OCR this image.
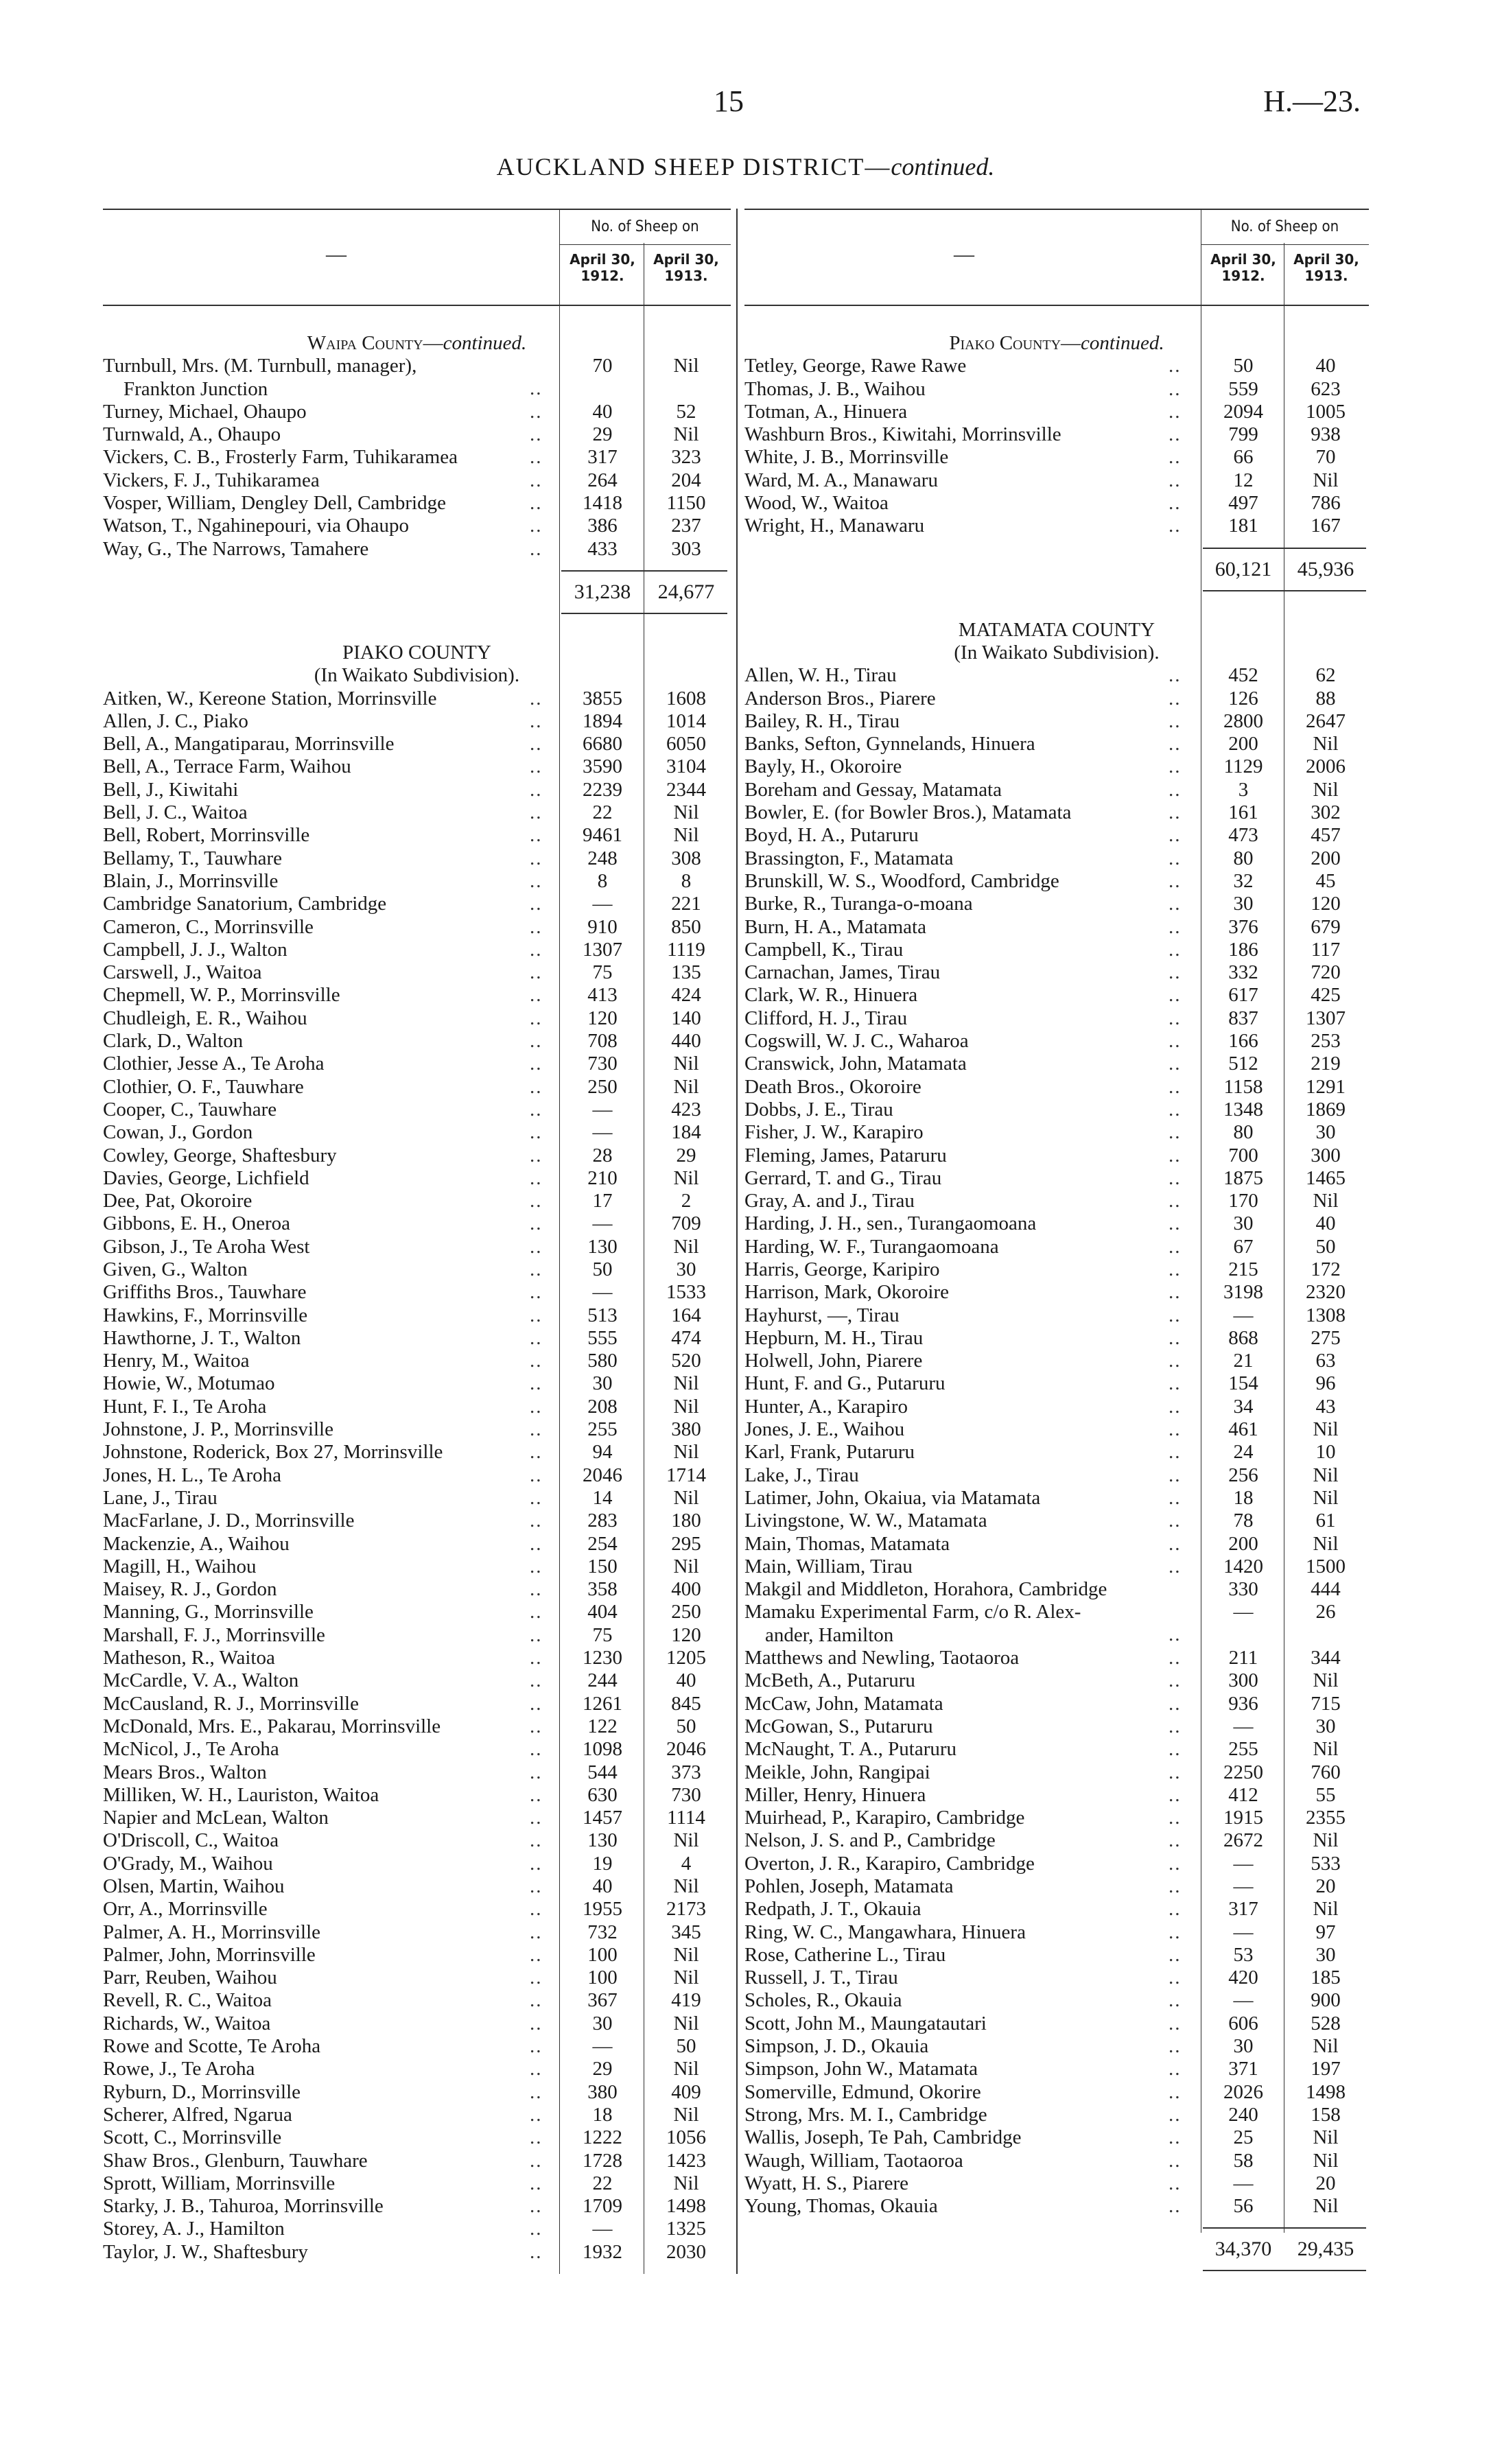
15	H.—23.
AUCKLAND SHEEP DISTRICT—continued.
—
No. of Sheep on
April 30,
1912.
April 30,
1913.
Waipa County—continued.
Turnbull, Mrs. (M. Turnbull, manager),
Frankton Junction	..
70	Nil
Turney, Michael, Ohaupo	..	40	52
Turnwald, A., Ohaupo	..	29	Nil
Vickers, C. B., Frosterly Farm, Tuhikaramea	..	317	323
Vickers, F. J., Tuhikaramea	..	264	204
Vosper, William, Dengley Dell, Cambridge	..	1418	1150
Watson, T., Ngahinepouri, via Ohaupo	..	386	237
Way, G., The Narrows, Tamahere	..	433	303
31,238	24,677
PIAKO COUNTY
(In Waikato Subdivision).
Aitken, W., Kereone Station, Morrinsville	..	3855	1608
Allen, J. C., Piako	..	1894	1014
Bell, A., Mangatiparau, Morrinsville	..	6680	6050
Bell, A., Terrace Farm, Waihou	..	3590	3104
Bell, J., Kiwitahi	..	2239	2344
Bell, J. C., Waitoa	..	22	Nil
Bell, Robert, Morrinsville	..	9461	Nil
Bellamy, T., Tauwhare	..	248	308
Blain, J., Morrinsville	..	8	8
Cambridge Sanatorium, Cambridge	..	—	221
Cameron, C., Morrinsville	..	910	850
Campbell, J. J., Walton	..	1307	1119
Carswell, J., Waitoa	..	75	135
Chepmell, W. P., Morrinsville	..	413	424
Chudleigh, E. R., Waihou	..	120	140
Clark, D., Walton	..	708	440
Clothier, Jesse A., Te Aroha	..	730	Nil
Clothier, O. F., Tauwhare	..	250	Nil
Cooper, C., Tauwhare	..	—	423
Cowan, J., Gordon	..	—	184
Cowley, George, Shaftesbury	..	28	29
Davies, George, Lichfield	..	210	Nil
Dee, Pat, Okoroire	..	17	2
Gibbons, E. H., Oneroa	..	—	709
Gibson, J., Te Aroha West	..	130	Nil
Given, G., Walton	..	50	30
Griffiths Bros., Tauwhare	..	—	1533
Hawkins, F., Morrinsville	..	513	164
Hawthorne, J. T., Walton	..	555	474
Henry, M., Waitoa	..	580	520
Howie, W., Motumao	..	30	Nil
Hunt, F. I., Te Aroha	..	208	Nil
Johnstone, J. P., Morrinsville	..	255	380
Johnstone, Roderick, Box 27, Morrinsville	..	94	Nil
Jones, H. L., Te Aroha	..	2046	1714
Lane, J., Tirau	..	14	Nil
MacFarlane, J. D., Morrinsville	..	283	180
Mackenzie, A., Waihou	..	254	295
Magill, H., Waihou	..	150	Nil
Maisey, R. J., Gordon	..	358	400
Manning, G., Morrinsville	..	404	250
Marshall, F. J., Morrinsville	..	75	120
Matheson, R., Waitoa	..	1230	1205
McCardle, V. A., Walton	..	244	40
McCausland, R. J., Morrinsville	..	1261	845
McDonald, Mrs. E., Pakarau, Morrinsville	..	122	50
McNicol, J., Te Aroha	..	1098	2046
Mears Bros., Walton	..	544	373
Milliken, W. H., Lauriston, Waitoa	..	630	730
Napier and McLean, Walton	..	1457	1114
O'Driscoll, C., Waitoa	..	130	Nil
O'Grady, M., Waihou	..	19	4
Olsen, Martin, Waihou	..	40	Nil
Orr, A., Morrinsville	..	1955	2173
Palmer, A. H., Morrinsville	..	732	345
Palmer, John, Morrinsville	..	100	Nil
Parr, Reuben, Waihou	..	100	Nil
Revell, R. C., Waitoa	..	367	419
Richards, W., Waitoa	..	30	Nil
Rowe and Scotte, Te Aroha	..	—	50
Rowe, J., Te Aroha	..	29	Nil
Ryburn, D., Morrinsville	..	380	409
Scherer, Alfred, Ngarua	..	18	Nil
Scott, C., Morrinsville	..	1222	1056
Shaw Bros., Glenburn, Tauwhare	..	1728	1423
Sprott, William, Morrinsville	..	22	Nil
Starky, J. B., Tahuroa, Morrinsville	..	1709	1498
Storey, A. J., Hamilton	..	—	1325
Taylor, J. W., Shaftesbury	..	1932	2030
—
No. of Sheep on
April 30,
1912.
April 30,
1913.
Piako County—continued.
Tetley, George, Rawe Rawe	..	50	40
Thomas, J. B., Waihou	..	559	623
Totman, A., Hinuera	..	2094	1005
Washburn Bros., Kiwitahi, Morrinsville	..	799	938
White, J. B., Morrinsville	..	66	70
Ward, M. A., Manawaru	..	12	Nil
Wood, W., Waitoa	..	497	786
Wright, H., Manawaru	..	181	167
60,121	45,936
MATAMATA COUNTY
(In Waikato Subdivision).
Allen, W. H., Tirau	..	452	62
Anderson Bros., Piarere	..	126	88
Bailey, R. H., Tirau	..	2800	2647
Banks, Sefton, Gynnelands, Hinuera	..	200	Nil
Bayly, H., Okoroire	..	1129	2006
Boreham and Gessay, Matamata	..	3	Nil
Bowler, E. (for Bowler Bros.), Matamata	..	161	302
Boyd, H. A., Putaruru	..	473	457
Brassington, F., Matamata	..	80	200
Brunskill, W. S., Woodford, Cambridge	..	32	45
Burke, R., Turanga-o-moana	..	30	120
Burn, H. A., Matamata	..	376	679
Campbell, K., Tirau	..	186	117
Carnachan, James, Tirau	..	332	720
Clark, W. R., Hinuera	..	617	425
Clifford, H. J., Tirau	..	837	1307
Cogswill, W. J. C., Waharoa	..	166	253
Cranswick, John, Matamata	..	512	219
Death Bros., Okoroire	..	1158	1291
Dobbs, J. E., Tirau	..	1348	1869
Fisher, J. W., Karapiro	..	80	30
Fleming, James, Pataruru	..	700	300
Gerrard, T. and G., Tirau	..	1875	1465
Gray, A. and J., Tirau	..	170	Nil
Harding, J. H., sen., Turangaomoana	..	30	40
Harding, W. F., Turangaomoana	..	67	50
Harris, George, Karipiro	..	215	172
Harrison, Mark, Okoroire	..	3198	2320
Hayhurst, —, Tirau	..	—	1308
Hepburn, M. H., Tirau	..	868	275
Holwell, John, Piarere	..	21	63
Hunt, F. and G., Putaruru	..	154	96
Hunter, A., Karapiro	..	34	43
Jones, J. E., Waihou	..	461	Nil
Karl, Frank, Putaruru	..	24	10
Lake, J., Tirau	..	256	Nil
Latimer, John, Okaiua, via Matamata	..	18	Nil
Livingstone, W. W., Matamata	..	78	61
Main, Thomas, Matamata	..	200	Nil
Main, William, Tirau	..	1420	1500
Makgil and Middleton, Horahora, Cambridge	330	444
Mamaku Experimental Farm, c/o R. Alex-
ander, Hamilton	..
—	26
Matthews and Newling, Taotaoroa	..	211	344
McBeth, A., Putaruru	..	300	Nil
McCaw, John, Matamata	..	936	715
McGowan, S., Putaruru	..	—	30
McNaught, T. A., Putaruru	..	255	Nil
Meikle, John, Rangipai	..	2250	760
Miller, Henry, Hinuera	..	412	55
Muirhead, P., Karapiro, Cambridge	..	1915	2355
Nelson, J. S. and P., Cambridge	..	2672	Nil
Overton, J. R., Karapiro, Cambridge	..	—	533
Pohlen, Joseph, Matamata	..	—	20
Redpath, J. T., Okauia	..	317	Nil
Ring, W. C., Mangawhara, Hinuera	..	—	97
Rose, Catherine L., Tirau	..	53	30
Russell, J. T., Tirau	..	420	185
Scholes, R., Okauia	..	—	900
Scott, John M., Maungatautari	..	606	528
Simpson, J. D., Okauia	..	30	Nil
Simpson, John W., Matamata	..	371	197
Somerville, Edmund, Okorire	..	2026	1498
Strong, Mrs. M. I., Cambridge	..	240	158
Wallis, Joseph, Te Pah, Cambridge	..	25	Nil
Waugh, William, Taotaoroa	..	58	Nil
Wyatt, H. S., Piarere	..	—	20
Young, Thomas, Okauia	..	56	Nil
34,370	29,435
